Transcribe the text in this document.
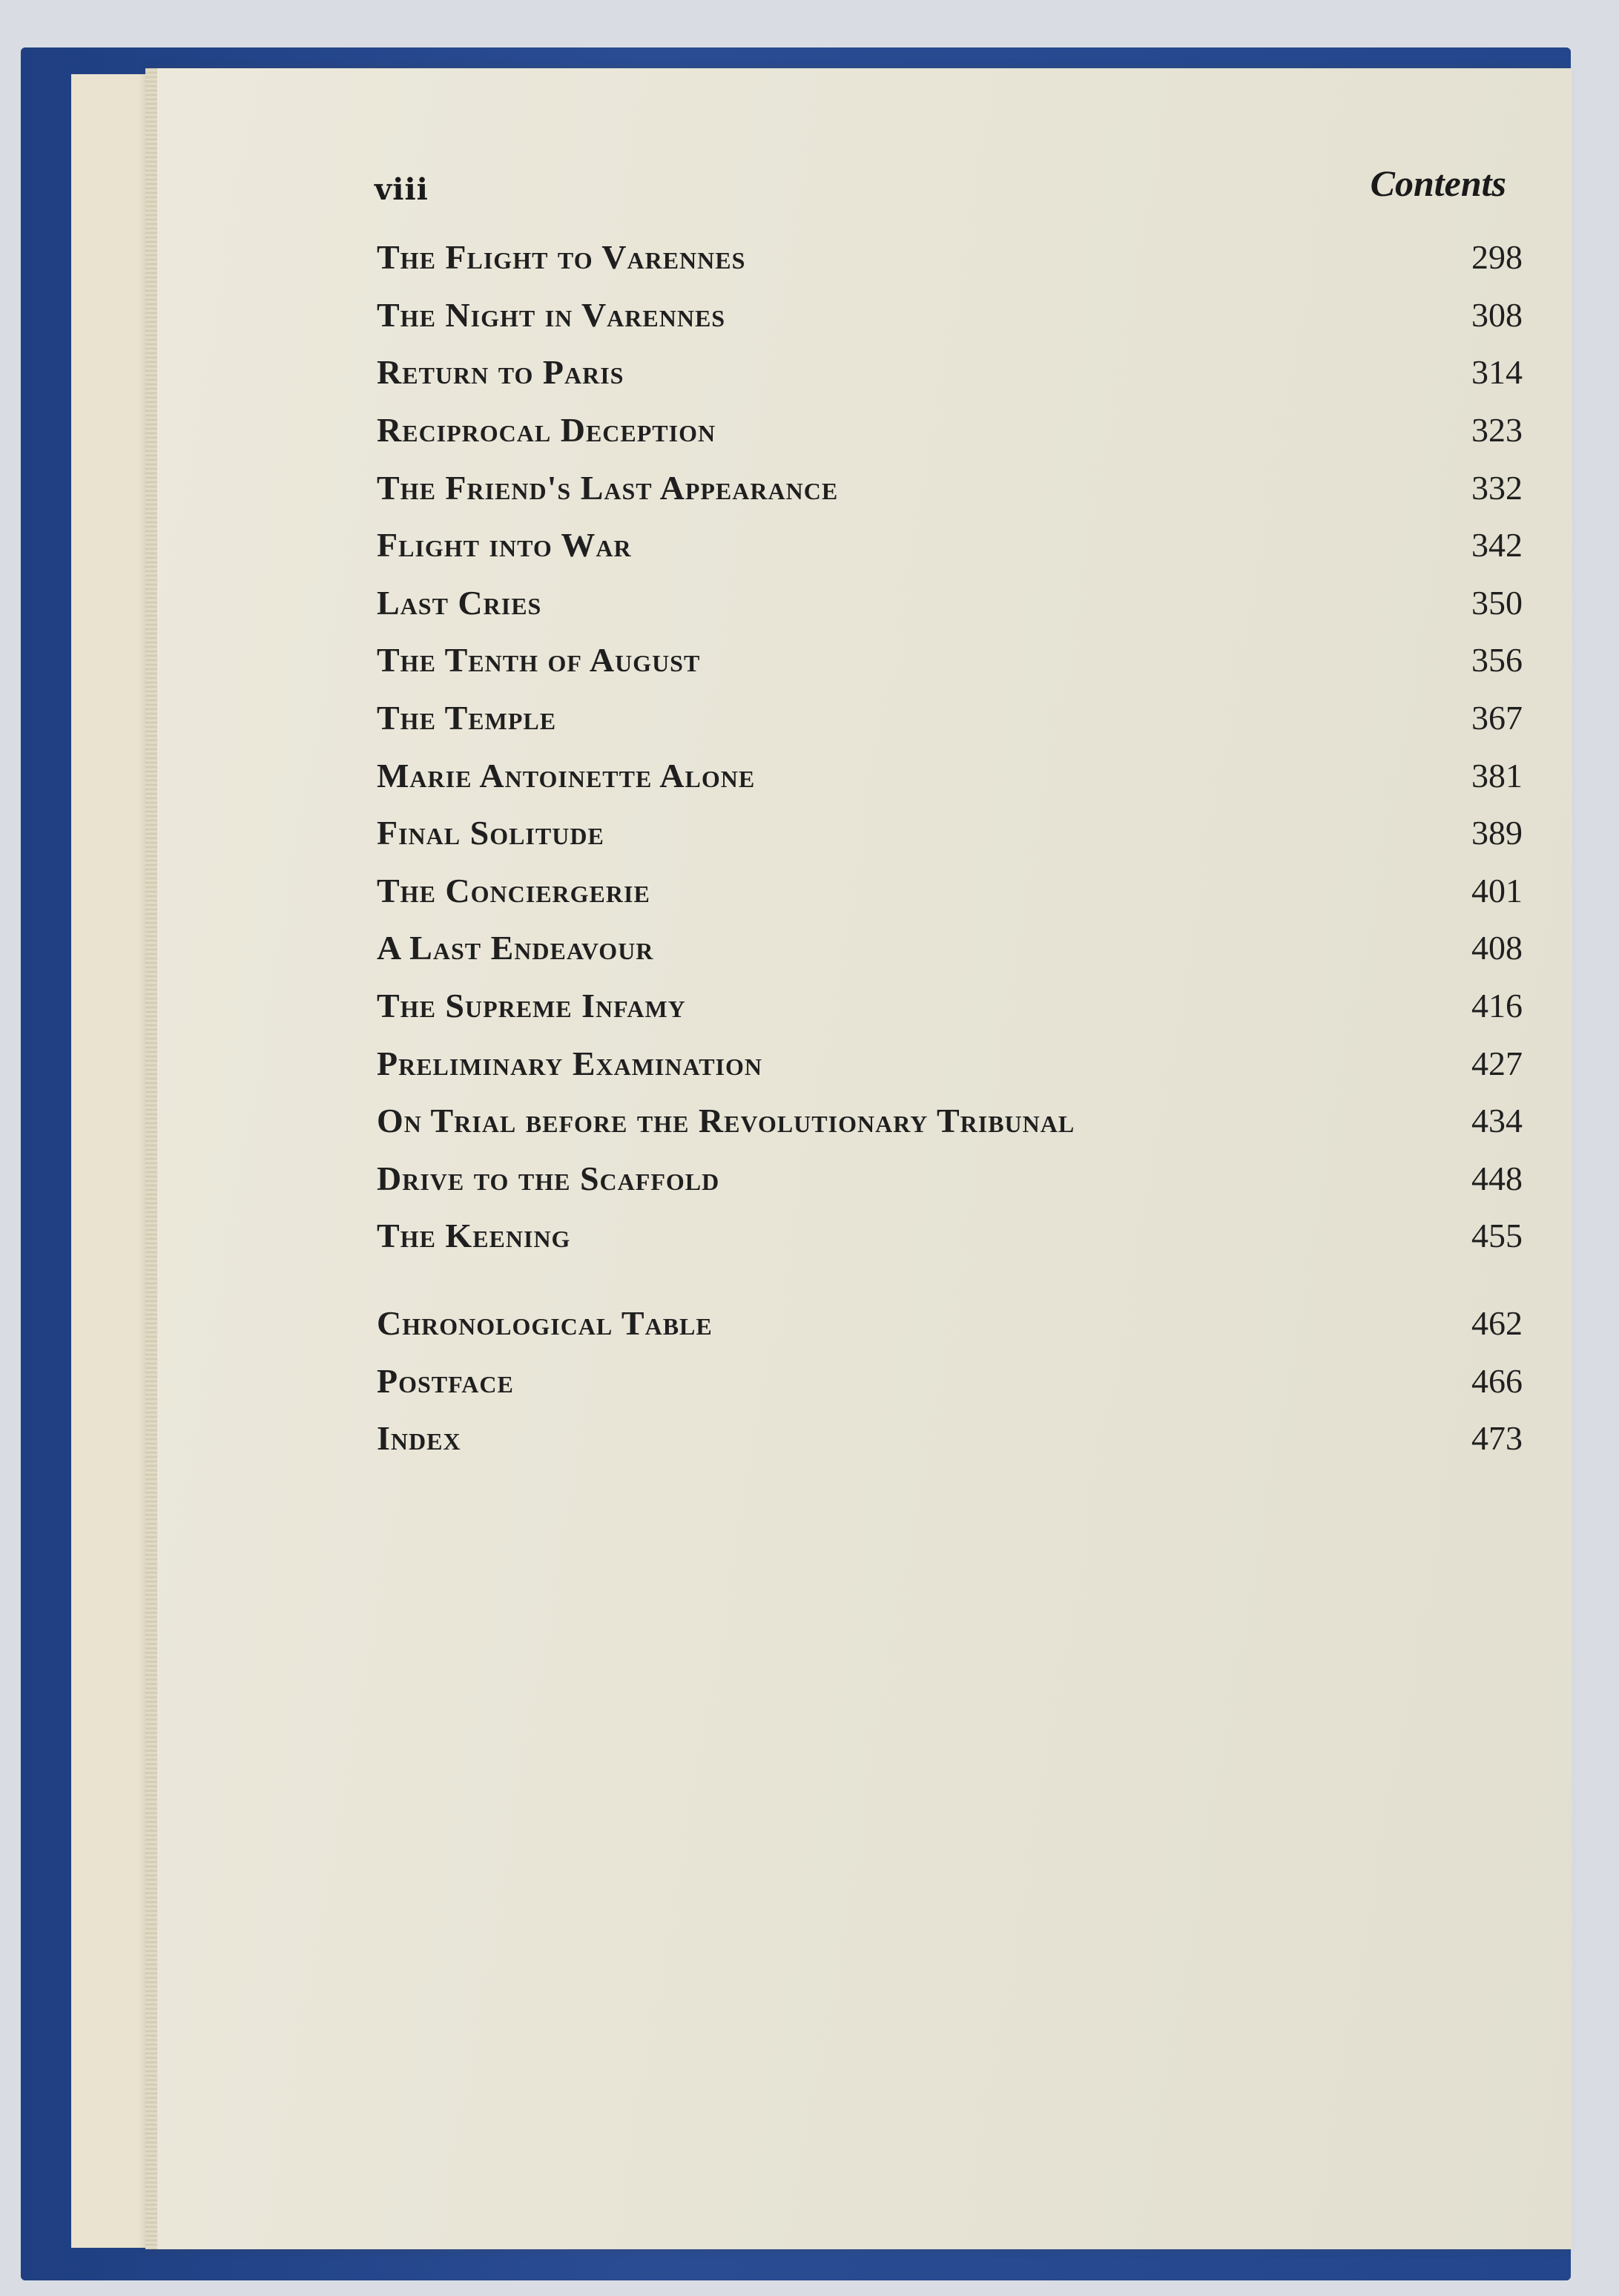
viii	Contents
The Flight to Varennes	298
The Night in Varennes	308
Return to Paris	314
Reciprocal Deception	323
The Friend's Last Appearance	332
Flight into War	342
Last Cries	350
The Tenth of August	356
The Temple	367
Marie Antoinette Alone	381
Final Solitude	389
The Conciergerie	401
A Last Endeavour	408
The Supreme Infamy	416
Preliminary Examination	427
On Trial before the Revolutionary Tribunal	434
Drive to the Scaffold	448
The Keening	455
Chronological Table	462
Postface	466
Index	473
